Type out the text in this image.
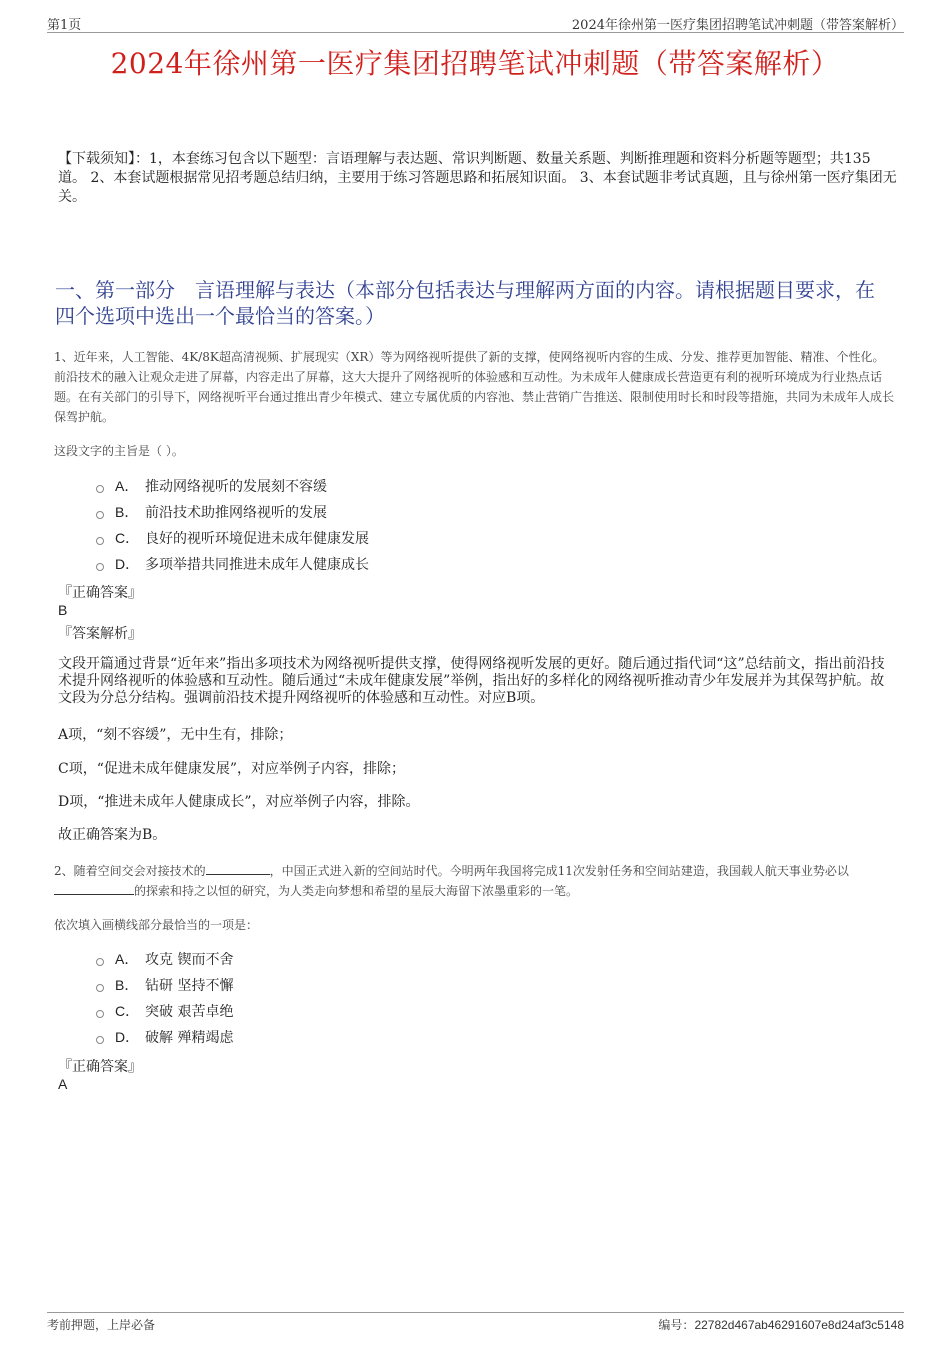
第1页	2024年徐州第一医疗集团招聘笔试冲刺题（带答案解析）
2024年徐州第一医疗集团招聘笔试冲刺题（带答案解析）
【下载须知】：1，本套练习包含以下题型：言语理解与表达题、常识判断题、数量关系题、判断推理题和资料分析题等题型；共135道。 2、本套试题根据常见招考题总结归纳，主要用于练习答题思路和拓展知识面。 3、本套试题非考试真题，且与徐州第一医疗集团无关。
一、第一部分　言语理解与表达（本部分包括表达与理解两方面的内容。请根据题目要求，在四个选项中选出一个最恰当的答案。）
1、近年来，人工智能、4K/8K超高清视频、扩展现实（XR）等为网络视听提供了新的支撑，使网络视听内容的生成、分发、推荐更加智能、精准、个性化。前沿技术的融入让观众走进了屏幕，内容走出了屏幕，这大大提升了网络视听的体验感和互动性。为未成年人健康成长营造更有利的视听环境成为行业热点话题。在有关部门的引导下，网络视听平台通过推出青少年模式、建立专属优质的内容池、禁止营销广告推送、限制使用时长和时段等措施，共同为未成年人成长保驾护航。
这段文字的主旨是（ ）。
A． 推动网络视听的发展刻不容缓
B． 前沿技术助推网络视听的发展
C． 良好的视听环境促进未成年健康发展
D． 多项举措共同推进未成年人健康成长
『正确答案』
B
『答案解析』
文段开篇通过背景“近年来”指出多项技术为网络视听提供支撑，使得网络视听发展的更好。随后通过指代词“这”总结前文，指出前沿技术提升网络视听的体验感和互动性。随后通过“未成年健康发展”举例，指出好的多样化的网络视听推动青少年发展并为其保驾护航。故文段为分总分结构。强调前沿技术提升网络视听的体验感和互动性。对应B项。
A项，“刻不容缓”，无中生有，排除；
C项，“促进未成年健康发展”，对应举例子内容，排除；
D项，“推进未成年人健康成长”，对应举例子内容，排除。
故正确答案为B。
2、随着空间交会对接技术的	，中国正式进入新的空间站时代。今明两年我国将完成11次发射任务和空间站建造，我国载人航天事业势必以的探索和持之以恒的研究，为人类走向梦想和希望的星辰大海留下浓墨重彩的一笔。
依次填入画横线部分最恰当的一项是：
A． 攻克 锲而不舍
B． 钻研 坚持不懈
C． 突破 艰苦卓绝
D． 破解 殚精竭虑
『正确答案』
A
考前押题，上岸必备	编号：22782d467ab46291607e8d24af3c5148
